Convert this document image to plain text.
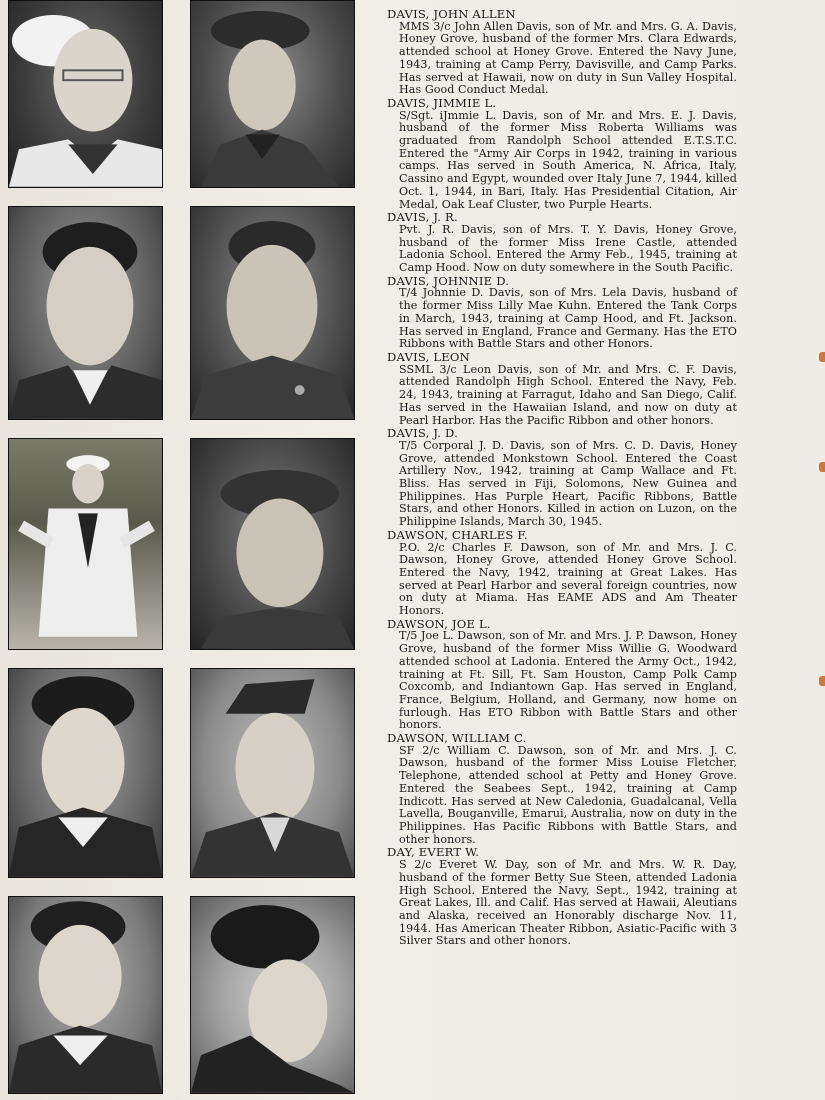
DAVIS, JOHN ALLEN
MMS 3/c John Allen Davis, son of Mr. and Mrs. G. A. Davis, Honey Grove, husband of the former Mrs. Clara Edwards, attended school at Honey Grove. Entered the Navy June, 1943, training at Camp Perry, Davisville, and Camp Parks. Has served at Hawaii, now on duty in Sun Valley Hospital. Has Good Conduct Medal.
DAVIS, JIMMIE L.
S/Sgt. iJmmie L. Davis, son of Mr. and Mrs. E. J. Davis, husband of the former Miss Roberta Williams was graduated from Randolph School attended E.T.S.T.C. Entered the "Army Air Corps in 1942, training in various camps. Has served in South America, N. Africa, Italy, Cassino and Egypt, wounded over Italy June 7, 1944, killed Oct. 1, 1944, in Bari, Italy. Has Presidential Citation, Air Medal, Oak Leaf Cluster, two Purple Hearts.
DAVIS, J. R.
Pvt. J. R. Davis, son of Mrs. T. Y. Davis, Honey Grove, husband of the former Miss Irene Castle, attended Ladonia School. Entered the Army Feb., 1945, training at Camp Hood. Now on duty somewhere in the South Pacific.
DAVIS, JOHNNIE D.
T/4 Johnnie D. Davis, son of Mrs. Lela Davis, husband of the former Miss Lilly Mae Kuhn. Entered the Tank Corps in March, 1943, training at Camp Hood, and Ft. Jackson. Has served in England, France and Germany. Has the ETO Ribbons with Battle Stars and other Honors.
DAVIS, LEON
SSML 3/c Leon Davis, son of Mr. and Mrs. C. F. Davis, attended Randolph High School. Entered the Navy, Feb. 24, 1943, training at Farragut, Idaho and San Diego, Calif. Has served in the Hawaiian Island, and now on duty at Pearl Harbor. Has the Pacific Ribbon and other honors.
DAVIS, J. D.
T/5 Corporal J. D. Davis, son of Mrs. C. D. Davis, Honey Grove, attended Monkstown School. Entered the Coast Artillery Nov., 1942, training at Camp Wallace and Ft. Bliss. Has served in Fiji, Solomons, New Guinea and Philippines. Has Purple Heart, Pacific Ribbons, Battle Stars, and other Honors. Killed in action on Luzon, on the Philippine Islands, March 30, 1945.
DAWSON, CHARLES F.
P.O. 2/c Charles F. Dawson, son of Mr. and Mrs. J. C. Dawson, Honey Grove, attended Honey Grove School. Entered the Navy, 1942, training at Great Lakes. Has served at Pearl Harbor and several foreign countries, now on duty at Miama. Has EAME ADS and Am Theater Honors.
DAWSON, JOE L.
T/5 Joe L. Dawson, son of Mr. and Mrs. J. P. Dawson, Honey Grove, husband of the former Miss Willie G. Woodward attended school at Ladonia. Entered the Army Oct., 1942, training at Ft. Sill, Ft. Sam Houston, Camp Polk Camp Coxcomb, and Indiantown Gap. Has served in England, France, Belgium, Holland, and Germany, now home on furlough. Has ETO Ribbon with Battle Stars and other honors.
DAWSON, WILLIAM C.
SF 2/c William C. Dawson, son of Mr. and Mrs. J. C. Dawson, husband of the former Miss Louise Fletcher, Telephone, attended school at Petty and Honey Grove. Entered the Seabees Sept., 1942, training at Camp Indicott. Has served at New Caledonia, Guadalcanal, Vella Lavella, Bouganville, Emarui, Australia, now on duty in the Philippines. Has Pacific Ribbons with Battle Stars, and other honors.
DAY, EVERT W.
S 2/c Everet W. Day, son of Mr. and Mrs. W. R. Day, husband of the former Betty Sue Steen, attended Ladonia High School. Entered the Navy, Sept., 1942, training at Great Lakes, Ill. and Calif. Has served at Hawaii, Aleutians and Alaska, received an Honorably discharge Nov. 11, 1944. Has American Theater Ribbon, Asiatic-Pacific with 3 Silver Stars and other honors.
